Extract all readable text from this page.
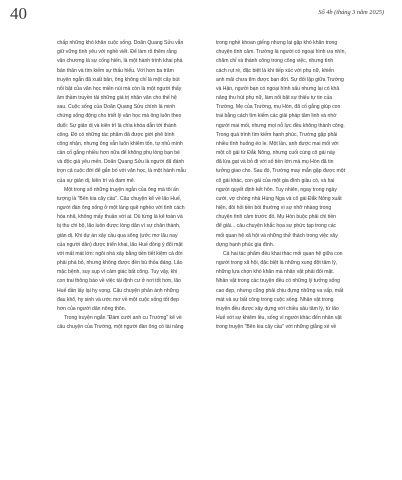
40	Số 4b (tháng 3 năm 2025)
chấp những khó khăn cuộc sống. Doãn Quang Sửu vẫn
giữ vững tình yêu với nghề viết. Để làm rõ thêm rằng
văn chương là sự cống hiến, là một hành trình khai phá
bản thân và tìm kiếm sự thấu hiểu. Với hơn ba trăm
truyện ngắn đã xuất bản, ông không chỉ là một cây bút
nổi bật của văn học miền núi mà còn là một người thấy
âm thầm truyền tải những giá trị nhân văn cho thế hệ
sau. Cuộc sống của Doãn Quang Sửu chính là minh
chứng sống động cho triết lý văn học mà ông luôn theo
đuổi: Sự giản dị và kiên trì là chìa khóa dẫn tới thành
công. Đó có những tác phẩm đã được giới phê bình
công nhận, nhưng ông vẫn luôn khiêm tốn, tự nhủ mình
cần cố gắng nhiều hơn nữa để không phụ lòng bạn bè
và độc giả yêu mến. Doãn Quang Sửu là người đã đánh
trọn cả cuộc đời để gắn bó với văn học, là một hành mẫu
của sự giản dị, kiên trì và đam mê.
Một trong số những truyện ngắn của ông mà tôi ấn
tượng là "Bên kia cây cầu". Câu chuyện kể về lão Huế,
người đàn ông sống ở một làng quê nghèo với tình cách
hòa nhã, không mấy thuần với ai. Dù từng là kẻ toàn và
bị thu chi bộ, lão luôn được lòng dân vì sự chân thành,
giản dị. Khi dự án xây cầu qua sông (ước mơ lâu nay
của người dân) được triển khai, lão Huế đồng ý đổi mặt
với mất mát lớn: ngôi nhà xây bằng tiền tiết kiệm cả đời
phải phá bỏ, nhưng không được đền bù thỏa đáng. Lão
mặc bệnh, suy sụp vì cảm giác bất công. Tuy vậy, khi
con trai thông báo về việc tái định cư ở nơi tốt hơn, lão
Huế dần lấy lại hy vọng. Câu chuyện phản ánh những
đau khổ, hy sinh và ước mơ về một cuộc sống tốt đẹp
hơn của người dân nông thôn.
Trong truyện ngắn "Đám cưới anh cu Trường" kể về
câu chuyện của Trường, một người đàn ông có tài năng
trong nghề khoan giếng nhưng lại gặp khó khăn trong
chuyện tình cảm. Trường là người có ngoại hình ưa nhìn,
chăm chỉ và thành công trong công việc, nhưng tình
cách rụt rè, đặc biệt là khi tiếp xúc với phụ nữ, khiến
anh mãi chưa tìm được bạn đời. Sự đối lập giữa Trường
và Hận, người bạn có ngoại hình xấu nhưng lại có khả
năng thu hút phụ nữ, làm nổi bật sự thiếu tự tin của
Trường. Mẹ của Trường, mụ Hòn, đã cố gắng giúp con
trai bằng cách tìm kiếm các giải pháp tâm linh và nhờ
người mai mối, nhưng mọi nỗ lực đều không thành công.
Trong quá trình tìm kiếm hạnh phúc, Trường gặp phải
nhiều tình huống éo le. Một lần, anh được mai mối với
một cô gái từ Đắk Nông, nhưng cuối cùng cô gái này
đã lừa gạt và bỏ đi với số tiền lớn mà mụ Hòn đã tin
tưởng giao cho. Sau đó, Trường may mắn gặp được một
cô gái khác, con gái của một gia đình giàu có, và hai
người quyết định kết hôn. Tuy nhiên, ngay trong ngày
cưới, vợ chồng nhà Hùng Nga và cô gái Đắk Nông xuất
hiện, đòi hỏi tiền bồi thường vì sự nhỡ nhàng trong
chuyện tình cảm trước đó. Mụ Hòn buộc phải chi tiền
để giải... câu chuyện khắc họa sự phức tạp trong các
mối quan hệ xã hội và những thử thách trong việc xây
dựng hạnh phúc gia đình.
Cả hai tác phẩm đều khai thác mối quan hệ giữa con
người trong xã hội, đặc biệt là những xung đột tâm lý,
những lựa chọn khó khăn mà nhân vật phải đối mặt.
Nhân vật trong các truyện đều có những lý tưởng sống
cao đẹp, nhưng cũng phải chịu đựng những va vấp, mất
mát và sự bất công trong cuộc sống. Nhân vật trong
truyện đều được xây dựng với chiều sâu tâm lý, từ lão
Huế với sự khiêm lều, sống vì người khác đến nhân vật
trong truyện "Bên kia cây cầu" với những giằng xé về
